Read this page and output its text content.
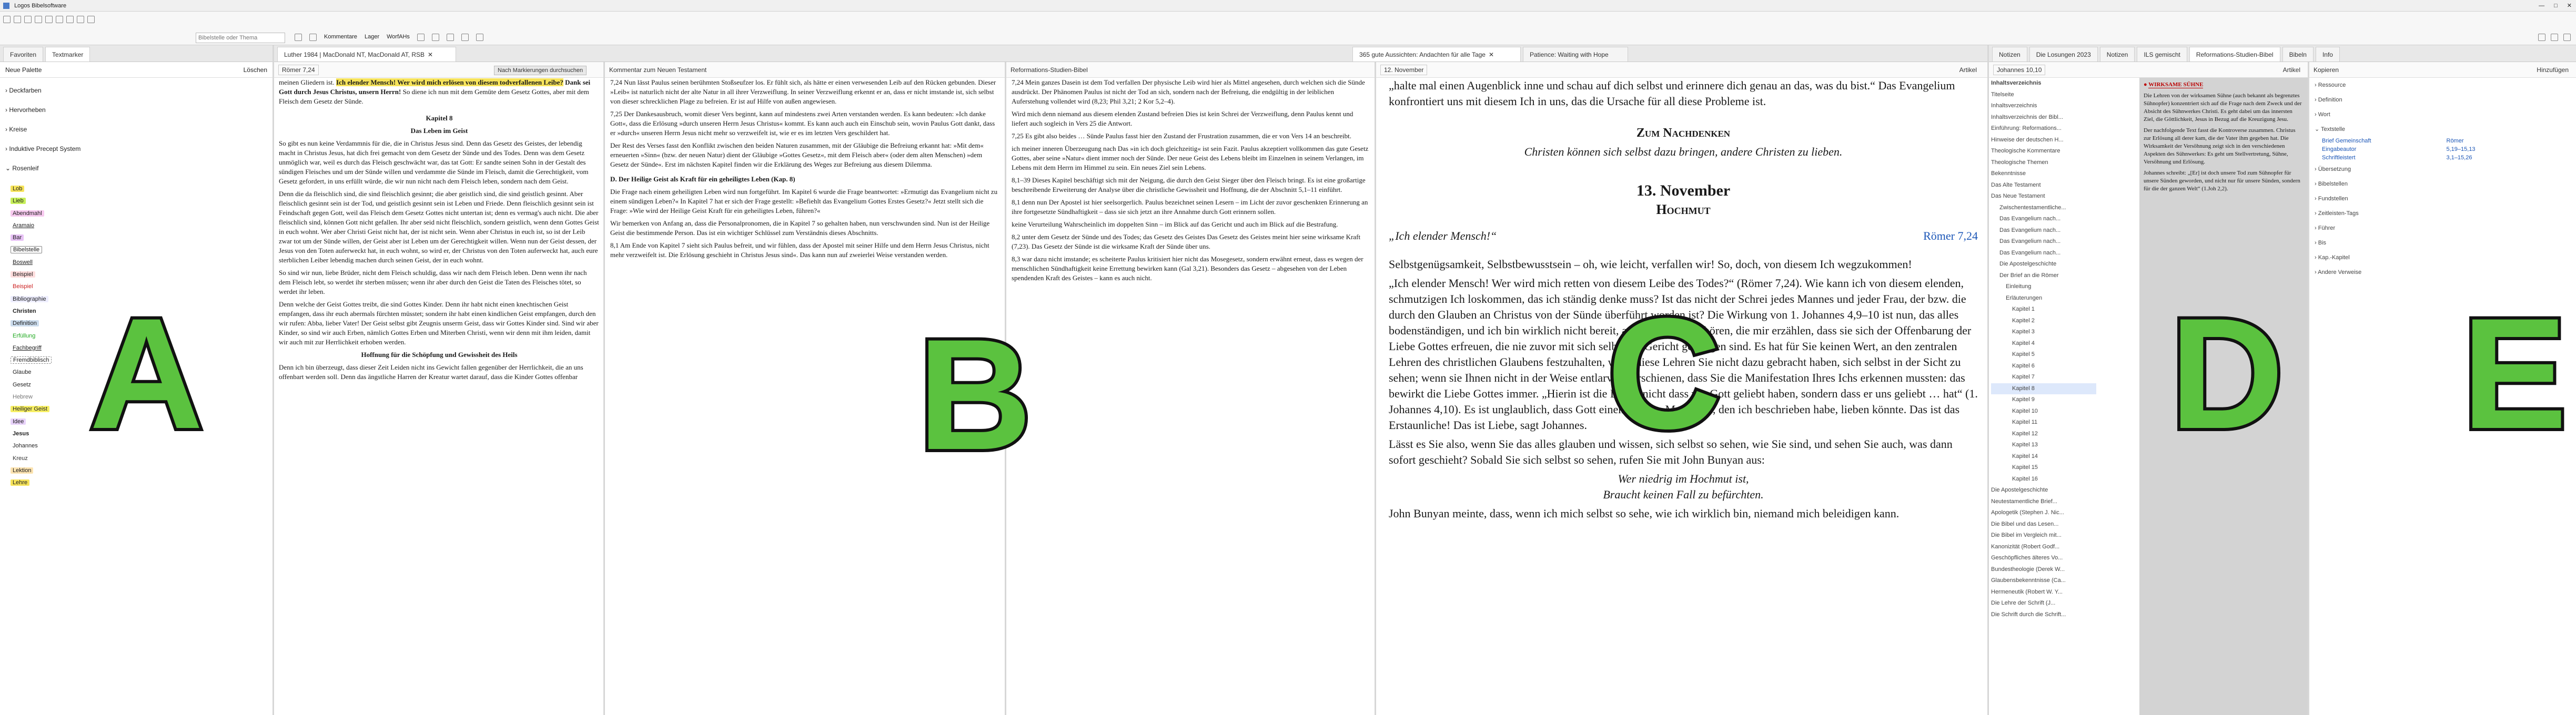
Logos Bibelsoftware	— □ ✕
Bibelstelle oder Thema
Kommentare Lager WorfAHs
Favoriten	Textmarker	Luther 1984 | MacDonald NT, MacDonald AT, RSB ✕	365 gute Aussichten: Andachten für alle Tage ✕	Patience: Waiting with Hope	Notizen	Die Losungen 2023	Notizen	ILS gemischt	Reformations-Studien-Bibel	Bibeln	Info
Neue Palette	Löschen
› Deckfarben
› Hervorheben
› Kreise
› Induktive Precept System
⌄ Rosenleif
Lob
Lieb
Abendmahl
Aramaio
Bar
Bibelstelle
Boswell
Beispiel
Beispiel
Bibliographie
Christen
Definition
Erfüllung
Fachbegriff
Fremdbiblisch
Glaube
Gesetz
Hebrew
Heiliger Geist
Idee
Jesus
Johannes
Kreuz
Lektion
Lehre
Römer 7,24	Nach Markierungen durchsuchen

meinen Gliedern ist. Ich elender Mensch! Wer wird mich erlösen von diesem todverfallenen Leibe? Dank sei Gott durch Jesus Christus, unsern Herrn! So diene ich nun mit dem Gemüte dem Gesetz Gottes, aber mit dem Fleisch dem Gesetz der Sünde.

Kapitel 8

Das Leben im Geist

So gibt es nun keine Verdammnis für die, die in Christus Jesus sind. Denn das Gesetz des Geistes, der lebendig macht in Christus Jesus, hat dich frei gemacht von dem Gesetz der Sünde und des Todes. Denn was dem Gesetz unmöglich war, weil es durch das Fleisch geschwächt war, das tat Gott: Er sandte seinen Sohn in der Gestalt des sündigen Fleisches und um der Sünde willen und verdammte die Sünde im Fleisch, damit die Gerechtigkeit, vom Gesetz gefordert, in uns erfüllt würde, die wir nun nicht nach dem Fleisch leben, sondern nach dem Geist.

Denn die da fleischlich sind, die sind fleischlich gesinnt; die aber geistlich sind, die sind geistlich gesinnt. Aber fleischlich gesinnt sein ist der Tod, und geistlich gesinnt sein ist Leben und Friede. Denn fleischlich gesinnt sein ist Feindschaft gegen Gott, weil das Fleisch dem Gesetz Gottes nicht untertan ist; denn es vermag's auch nicht. Die aber fleischlich sind, können Gott nicht gefallen. Ihr aber seid nicht fleischlich, sondern geistlich, wenn denn Gottes Geist in euch wohnt. Wer aber Christi Geist nicht hat, der ist nicht sein. Wenn aber Christus in euch ist, so ist der Leib zwar tot um der Sünde willen, der Geist aber ist Leben um der Gerechtigkeit willen. Wenn nun der Geist dessen, der Jesus von den Toten auferweckt hat, in euch wohnt, so wird er, der Christus von den Toten auferweckt hat, auch eure sterblichen Leiber lebendig machen durch seinen Geist, der in euch wohnt.

So sind wir nun, liebe Brüder, nicht dem Fleisch schuldig, dass wir nach dem Fleisch leben. Denn wenn ihr nach dem Fleisch lebt, so werdet ihr sterben müssen; wenn ihr aber durch den Geist die Taten des Fleisches tötet, so werdet ihr leben.

Denn welche der Geist Gottes treibt, die sind Gottes Kinder. Denn ihr habt nicht einen knechtischen Geist empfangen, dass ihr euch abermals fürchten müsstet; sondern ihr habt einen kindlichen Geist empfangen, durch den wir rufen: Abba, lieber Vater! Der Geist selbst gibt Zeugnis unserm Geist, dass wir Gottes Kinder sind. Sind wir aber Kinder, so sind wir auch Erben, nämlich Gottes Erben und Miterben Christi, wenn wir denn mit ihm leiden, damit wir auch mit zur Herrlichkeit erhoben werden.

Hoffnung für die Schöpfung und Gewissheit des Heils

Denn ich bin überzeugt, dass dieser Zeit Leiden nicht ins Gewicht fallen gegenüber der Herrlichkeit, die an uns offenbart werden soll. Denn das ängstliche Harren der Kreatur wartet darauf, dass die Kinder Gottes offenbar

Kommentar zum Neuen Testament

7,24 Nun lässt Paulus seinen berühmten Stoßseufzer los. Er fühlt sich, als hätte er einen verwesenden Leib auf den Rücken gebunden. Dieser »Leib« ist naturlich nicht der alte Natur in all ihrer Verzweiflung. In seiner Verzweiflung erkennt er an, dass er nicht imstande ist, sich selbst von dieser schrecklichen Plage zu befreien. Er ist auf Hilfe von außen angewiesen.

7,25 Der Dankesausbruch, womit dieser Vers beginnt, kann auf mindestens zwei Arten verstanden werden. Es kann bedeuten: »Ich danke Gott«, dass die Erlösung »durch unseren Herrn Jesus Christus« kommt. Es kann auch auch ein Einschub sein, wovin Paulus Gott dankt, dass er »durch« unseren Herrn Jesus nicht mehr so verzweifelt ist, wie er es im letzten Vers geschildert hat.

Der Rest des Verses fasst den Konflikt zwischen den beiden Naturen zusammen, mit der Gläubige die Befreiung erkannt hat: »Mit dem« erneuerten »Sinn« (bzw. der neuen Natur) dient der Gläubige »Gottes Gesetz«, mit dem Fleisch aber« (oder dem alten Menschen) »dem Gesetz der Sünde«. Erst im nächsten Kapitel finden wir die Erklärung des Weges zur Befreiung aus diesem Dilemma.

D. Der Heilige Geist als Kraft für ein geheiligtes Leben (Kap. 8)

Die Frage nach einem geheiligten Leben wird nun fortgeführt. Im Kapitel 6 wurde die Frage beantwortet: »Ermutigt das Evangelium nicht zu einem sündigen Leben?« In Kapitel 7 hat er sich der Frage gestellt: »Befiehlt das Evangelium Gottes Erstes Gesetz?« Jetzt stellt sich die Frage: »Wie wird der Heilige Geist Kraft für ein geheiligtes Leben, führen?«

Wir bemerken von Anfang an, dass die Personalpronomen, die in Kapitel 7 so gehalten haben, nun verschwunden sind. Nun ist der Heilige Geist die bestimmende Person. Das ist ein wichtiger Schlüssel zum Verständnis dieses Abschnitts.

8,1 Am Ende von Kapitel 7 sieht sich Paulus befreit, und wir fühlen, dass der Apostel mit seiner Hilfe und dem Herrn Jesus Christus, nicht mehr verzweifelt ist. Die Erlösung geschieht in Christus Jesus sind«. Das kann nun auf zweierlei Weise verstanden werden.

Reformations-Studien-Bibel

7,24 Mein ganzes Dasein ist dem Tod verfallen Der physische Leib wird hier als Mittel angesehen, durch welchen sich die Sünde ausdrückt. Der Phänomen Paulus ist nicht der Tod an sich, sondern nach der Befreiung, die endgültig in der leiblichen Auferstehung vollendet wird (8,23; Phil 3,21; 2 Kor 5,2–4).

Wird mich denn niemand aus diesem elenden Zustand befreien Dies ist kein Schrei der Verzweiflung, denn Paulus kennt und liefert auch sogleich in Vers 25 die Antwort.

7,25 Es gibt also beides … Sünde Paulus fasst hier den Zustand der Frustration zusammen, die er von Vers 14 an beschreibt.

ich meiner inneren Überzeugung nach Das »in ich doch gleichzeitig« ist sein Fazit. Paulus akzeptiert vollkommen das gute Gesetz Gottes, aber seine »Natur« dient immer noch der Sünde. Der neue Geist des Lebens bleibt im Einzelnen in seinem Verlangen, im Lebens mit dem Herrn im Himmel zu sein. Ein neues Ziel sein Lebens.

8,1–39 Dieses Kapitel beschäftigt sich mit der Neigung, die durch den Geist Sieger über den Fleisch bringt. Es ist eine großartige beschreibende Erweiterung der Analyse über die christliche Gewissheit und Hoffnung, die der Abschnitt 5,1–11 einführt.

8,1 denn nun Der Apostel ist hier seelsorgerlich. Paulus bezeichnet seinen Lesern – im Licht der zuvor geschenkten Erinnerung an ihre fortgesetzte Sündhaftigkeit – dass sie sich jetzt an ihre Annahme durch Gott erinnern sollen.

keine Verurteilung Wahrscheinlich im doppelten Sinn – im Blick auf das Gericht und auch im Blick auf die Bestrafung.

8,2 unter dem Gesetz der Sünde und des Todes; das Gesetz des Geistes Das Gesetz des Geistes meint hier seine wirksame Kraft (7,23). Das Gesetz der Sünde ist die wirksame Kraft der Sünde über uns.

8,3 war dazu nicht imstande; es scheiterte Paulus kritisiert hier nicht das Mosegesetz, sondern erwähnt erneut, dass es wegen der menschlichen Sündhaftigkeit keine Errettung bewirken kann (Gal 3,21). Besonders das Gesetz – abgesehen von der Leben spendenden Kraft des Geistes – kann es auch nicht.

12. November	Artikel

„halte mal einen Augenblick inne und schau auf dich selbst und erinnere dich genau an das, was du bist.“ Das Evangelium konfrontiert uns mit diesem Ich in uns, das die Ursache für all diese Probleme ist.

Zum Nachdenken

Christen können sich selbst dazu bringen, andere Christen zu lieben.

13. November

Hochmut

„Ich elender Mensch!“	Römer 7,24

Selbstgenügsamkeit, Selbstbewusstsein – oh, wie leicht, verfallen wir! So, doch, von diesem Ich wegzukommen!

„Ich elender Mensch! Wer wird mich retten von diesem Leibe des Todes?“ (Römer 7,24). Wie kann ich von diesem elenden, schmutzigen Ich loskommen, das ich ständig denke muss? Ist das nicht der Schrei jedes Mannes und jeder Frau, der bzw. die durch den Glauben an Christus von der Sünde überführt worden ist? Die Wirkung von 1. Johannes 4,9–10 ist nun, das alles bodenständigen, und ich bin wirklich nicht bereit, auf Menschen zu hören, die mir erzählen, dass sie sich der Offenbarung der Liebe Gottes erfreuen, die nie zuvor mit sich selbst ins Gericht gegangen sind. Es hat für Sie keinen Wert, an den zentralen Lehren des christlichen Glaubens festzuhalten, wenn diese Lehren Sie nicht dazu gebracht haben, sich selbst in der Sicht zu sehen; wenn sie Ihnen nicht in der Weise entlarvend erschienen, dass Sie die Manifestation Ihres Ichs erkennen mussten: das bewirkt die Liebe Gottes immer. „Hierin ist die Liebe: nicht dass wir Gott geliebt haben, sondern dass er uns geliebt … hat“ (1. Johannes 4,10). Es ist unglaublich, dass Gott einen solchen Menschen, den ich beschrieben habe, lieben könnte. Das ist das Erstaunliche! Das ist Liebe, sagt Johannes.

Lässt es Sie also, wenn Sie das alles glauben und wissen, sich selbst so sehen, wie Sie sind, und sehen Sie auch, was dann sofort geschieht? Sobald Sie sich selbst so sehen, rufen Sie mit John Bunyan aus:

Wer niedrig im Hochmut ist,

Braucht keinen Fall zu befürchten.

John Bunyan meinte, dass, wenn ich mich selbst so sehe, wie ich wirklich bin, niemand mich beleidigen kann.

Johannes 10,10	Artikel
Inhaltsverzeichnis
Titelseite
Inhaltsverzeichnis
Inhaltsverzeichnis der Bibl...
Einführung: Reformations...
Hinweise der deutschen H...
Theologische Kommentare
Theologische Themen
Bekenntnisse
Das Alte Testament
Das Neue Testament
Zwischentestamentliche...
Das Evangelium nach...
Das Evangelium nach...
Das Evangelium nach...
Das Evangelium nach...
Die Apostelgeschichte
Der Brief an die Römer
Einleitung
Erläuterungen
Kapitel 1
Kapitel 2
Kapitel 3
Kapitel 4
Kapitel 5
Kapitel 6
Kapitel 7
Kapitel 8
Kapitel 9
Kapitel 10
Kapitel 11
Kapitel 12
Kapitel 13
Kapitel 14
Kapitel 15
Kapitel 16
Die Apostelgeschichte
Neutestamentliche Brief...
Apologetik (Stephen J. Nic...
Die Bibel und das Lesen...
Die Bibel im Vergleich mit...
Kanonizität (Robert Godf...
Geschöpfliches älteres Vo...
Bundestheologie (Derek W...
Glaubensbekenntnisse (Ca...
Hermeneutik (Robert W. Y...
Die Lehre der Schrift (J...
Die Schrift durch die Schrift...
● WIRKSAME SÜHNE

Die Lehren von der wirksamen Sühne (auch bekannt als begrenztes Sühnopfer) konzentriert sich auf die Frage nach dem Zweck und der Absicht des Sühnwerkes Christi. Es geht dabei um das innersten Ziel, die Göttlichkeit, Jesus in Bezug auf die Kreuzigung Jesu.

Der nachfolgende Text fasst die Kontroverse zusammen. Christus zur Erlösung all derer kam, die der Vater ihm gegeben hat. Die Wirksamkeit der Versöhnung zeigt sich in den verschiedenen Aspekten des Sühnwerkes: Es geht um Stellvertretung, Sühne, Versöhnung und Erlösung.

Johannes schreibt: „[Er] ist doch unsere Tod zum Sühnopfer für unsere Sünden geworden, und nicht nur für unsere Sünden, sondern für die der ganzen Welt“ (1.Joh 2,2).

Kopieren	Hinzufügen
› Ressource
› Definition
› Wort
⌄ Textstelle
Brief Gemeinschaft	Römer
Eingabeautor	5,19–15,13
Schriftleistert	3,1–15,26
› Übersetzung
› Bibelstellen
› Fundstellen
› Zeitleisten-Tags
› Führer
› Bis
› Kap.-Kapitel
› Andere Verweise
A	B	C	D E
